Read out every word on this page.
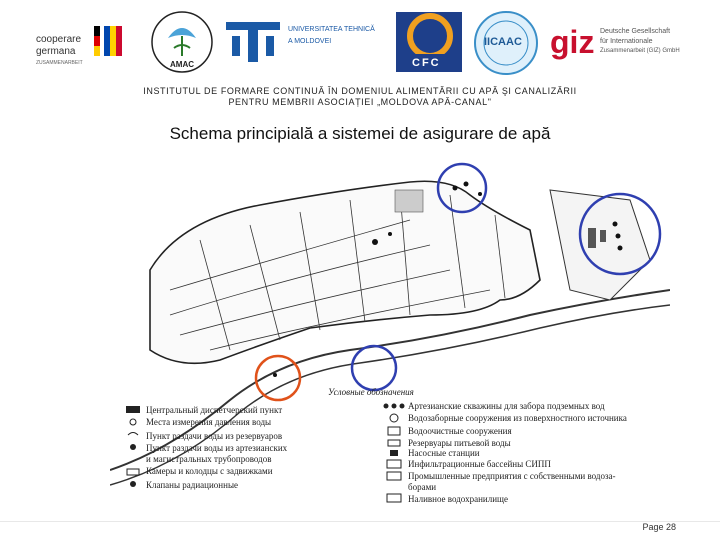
cooperare
germana
ZUSAMMENARBEIT	AMAC
UNIVERSITATEA TEHNICĂ
A MOLDOVEI
CFC
IICAAC giz Deutsche Gesellschaft
für Internationale
Zusammenarbeit (GIZ) GmbH
INSTITUTUL DE FORMARE CONTINUĂ ÎN DOMENIUL ALIMENTĂRII CU APĂ ŞI CANALIZĂRII
PENTRU MEMBRII ASOCIAȚIEI „MOLDOVA APĂ-CANAL"
Schema principială a sistemei de asigurare de apă
Условные обозначения
Центральный диспетчерский пункт
Места измерения давления воды
Пункт раздачи воды из резервуаров
Пункт раздачи воды из артезианских
и магистральных трубопроводов
Камеры и колодцы с задвижками
Клапаны радиационные
Артезианские скважины для забора подземных вод
Водозаборные сооружения из поверхностного источника
Водоочистные сооружения
Резервуары питьевой воды
Насосные станции
Инфильтрационные бассейны СИПП
Промышленные предприятия с собственными водоза-
борами
Наливное водохранилище
Page 28
